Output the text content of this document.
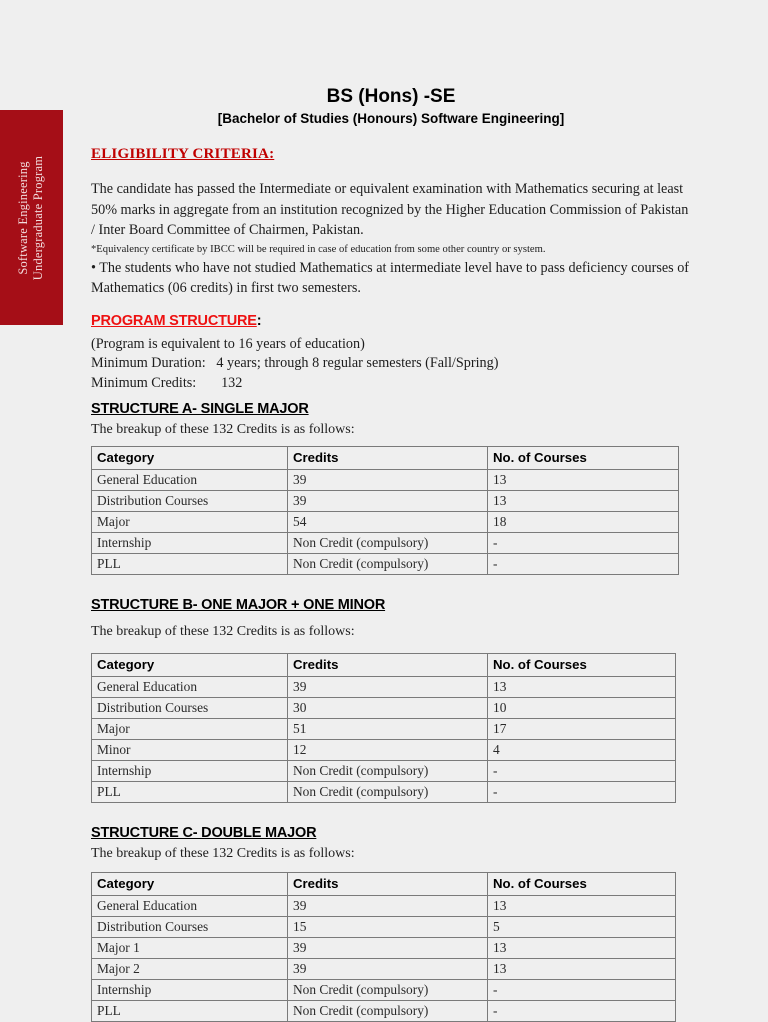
Software Engineering Undergraduate Program
BS (Hons) -SE
[Bachelor of Studies (Honours) Software Engineering]
ELIGIBILITY CRITERIA:

The candidate has passed the Intermediate or equivalent examination with Mathematics securing at least 50% marks in aggregate from an institution recognized by the Higher Education Commission of Pakistan / Inter Board Committee of Chairmen, Pakistan.

*Equivalency certificate by IBCC will be required in case of education from some other country or system.

• The students who have not studied Mathematics at intermediate level have to pass deficiency courses of Mathematics (06 credits) in first two semesters.

PROGRAM STRUCTURE:
(Program is equivalent to 16 years of education)
Minimum Duration: 4 years; through 8 regular semesters (Fall/Spring)
Minimum Credits: 132
STRUCTURE A- SINGLE MAJOR
The breakup of these 132 Credits is as follows:
Category	Credits	No. of Courses
General Education	39	13
Distribution Courses	39	13
Major	54	18
Internship	Non Credit (compulsory)	-
PLL	Non Credit (compulsory)	-
STRUCTURE B- ONE MAJOR + ONE MINOR
The breakup of these 132 Credits is as follows:
Category	Credits	No. of Courses
General Education	39	13
Distribution Courses	30	10
Major	51	17
Minor	12	4
Internship	Non Credit (compulsory)	-
PLL	Non Credit (compulsory)	-
STRUCTURE C- DOUBLE MAJOR
The breakup of these 132 Credits is as follows:
Category	Credits	No. of Courses
General Education	39	13
Distribution Courses	15	5
Major 1	39	13
Major 2	39	13
Internship	Non Credit (compulsory)	-
PLL	Non Credit (compulsory)	-
